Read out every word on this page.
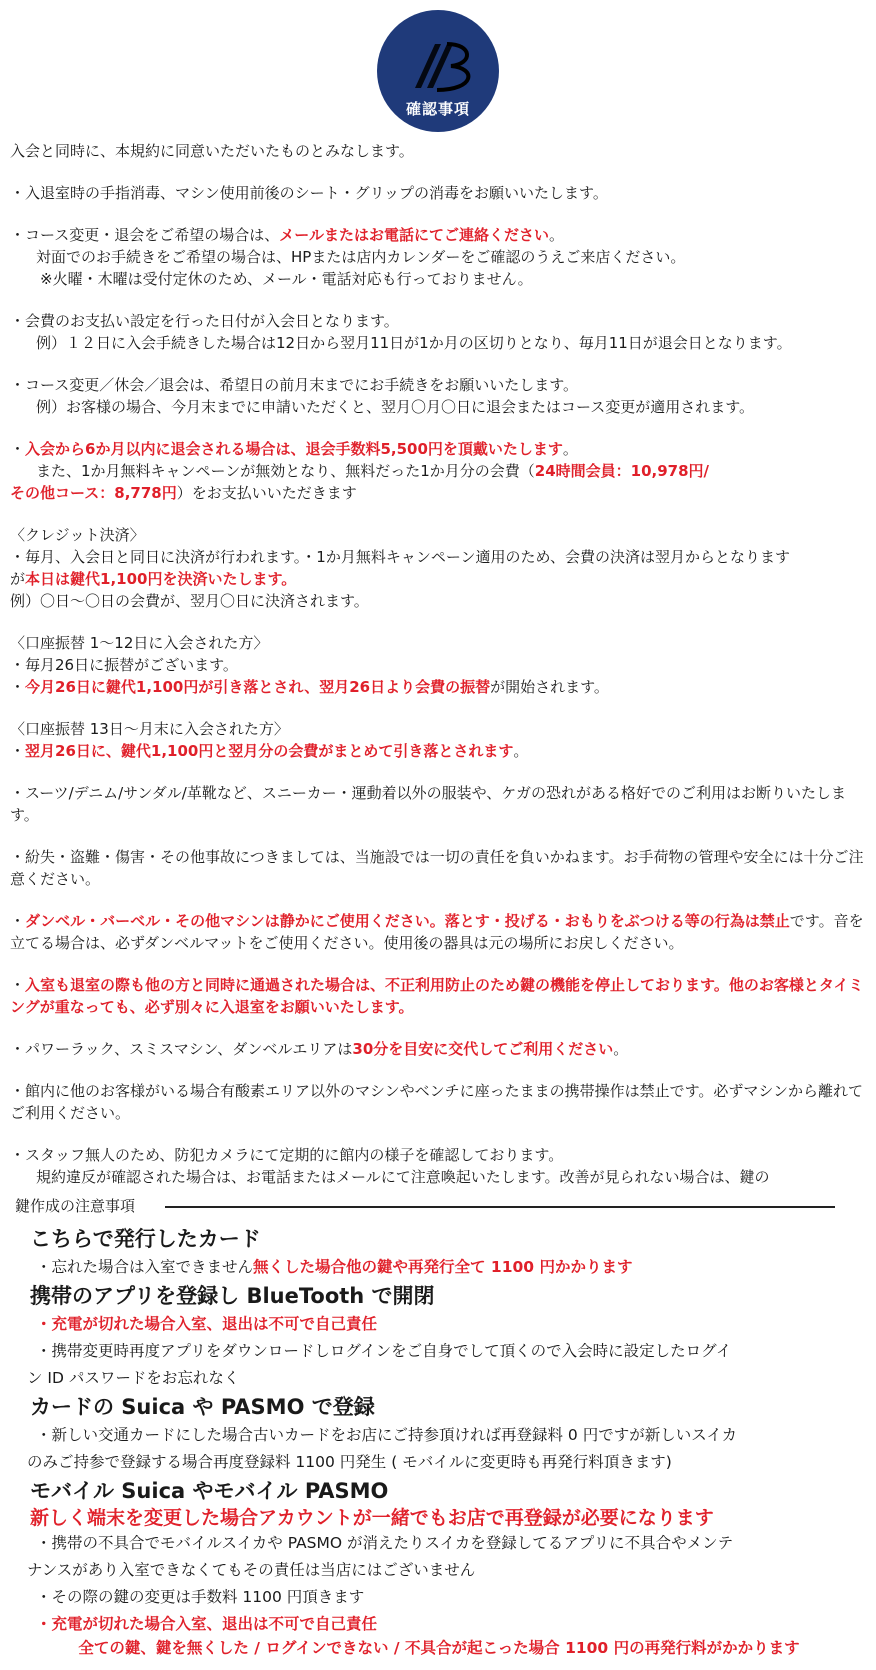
確認事項

入会と同時に、本規約に同意いただいたものとみなします。

・入退室時の手指消毒、マシン使用前後のシート・グリップの消毒をお願いいたします。

・コース変更・退会をご希望の場合は、メールまたはお電話にてご連絡ください。

対面でのお手続きをご希望の場合は、HPまたは店内カレンダーをご確認のうえご来店ください。

※火曜・木曜は受付定休のため、メール・電話対応も行っておりません。

・会費のお支払い設定を行った日付が入会日となります。

例）１２日に入会手続きした場合は12日から翌月11日が1か月の区切りとなり、毎月11日が退会日となります。

・コース変更／休会／退会は、希望日の前月末までにお手続きをお願いいたします。

例）お客様の場合、今月末までに申請いただくと、翌月〇月〇日に退会またはコース変更が適用されます。

・入会から6か月以内に退会される場合は、退会手数料5,500円を頂戴いたします。

また、1か月無料キャンペーンが無効となり、無料だった1か月分の会費（24時間会員：10,978円/

その他コース：8,778円）をお支払いいただきます

〈クレジット決済〉

・毎月、入会日と同日に決済が行われます。・1か月無料キャンペーン適用のため、会費の決済は翌月からとなります

が本日は鍵代1,100円を決済いたします。

例）〇日～〇日の会費が、翌月〇日に決済されます。

〈口座振替 1～12日に入会された方〉

・毎月26日に振替がございます。

・今月26日に鍵代1,100円が引き落とされ、翌月26日より会費の振替が開始されます。

〈口座振替 13日～月末に入会された方〉

・翌月26日に、鍵代1,100円と翌月分の会費がまとめて引き落とされます。

・スーツ/デニム/サンダル/革靴など、スニーカー・運動着以外の服装や、ケガの恐れがある格好でのご利用はお断りいたします。

・紛失・盗難・傷害・その他事故につきましては、当施設では一切の責任を負いかねます。お手荷物の管理や安全には十分ご注意ください。

・ダンベル・バーベル・その他マシンは静かにご使用ください。落とす・投げる・おもりをぶつける等の行為は禁止です。音を立てる場合は、必ずダンベルマットをご使用ください。使用後の器具は元の場所にお戻しください。

・入室も退室の際も他の方と同時に通過された場合は、不正利用防止のため鍵の機能を停止しております。他のお客様とタイミングが重なっても、必ず別々に入退室をお願いいたします。

・パワーラック、スミスマシン、ダンベルエリアは30分を目安に交代してご利用ください。

・館内に他のお客様がいる場合有酸素エリア以外のマシンやベンチに座ったままの携帯操作は禁止です。必ずマシンから離れてご利用ください。

・スタッフ無人のため、防犯カメラにて定期的に館内の様子を確認しております。

規約違反が確認された場合は、お電話またはメールにて注意喚起いたします。改善が見られない場合は、鍵の

鍵作成の注意事項
こちらで発行したカード

・忘れた場合は入室できません無くした場合他の鍵や再発行全て 1100 円かかります

携帯のアプリを登録し BlueTooth で開閉

・充電が切れた場合入室、退出は不可で自己責任

・携帯変更時再度アプリをダウンロードしログインをご自身でして頂くので入会時に設定したログイ

ン ID パスワードをお忘れなく

カードの Suica や PASMO で登録

・新しい交通カードにした場合古いカードをお店にご持参頂ければ再登録料 0 円ですが新しいスイカ

のみご持参で登録する場合再度登録料 1100 円発生 ( モバイルに変更時も再発行料頂きます)

モバイル Suica やモバイル PASMO

新しく端末を変更した場合アカウントが一緒でもお店で再登録が必要になります

・携帯の不具合でモバイルスイカや PASMO が消えたりスイカを登録してるアプリに不具合やメンテ

ナンスがあり入室できなくてもその責任は当店にはございません

・その際の鍵の変更は手数料 1100 円頂きます

・充電が切れた場合入室、退出は不可で自己責任

全ての鍵、鍵を無くした / ログインできない / 不具合が起こった場合 1100 円の再発行料がかかります
